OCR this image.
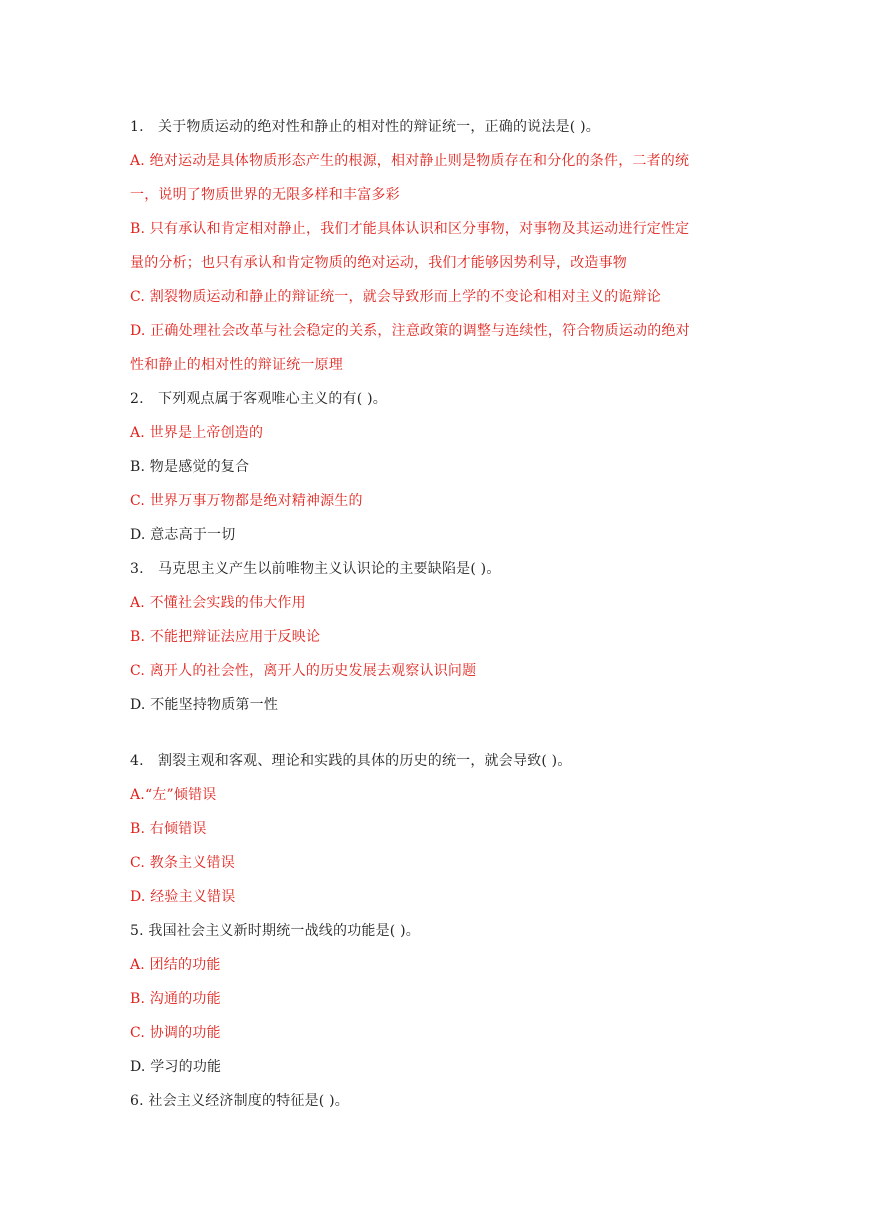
1.　关于物质运动的绝对性和静止的相对性的辩证统一，正确的说法是( )。
A. 绝对运动是具体物质形态产生的根源，相对静止则是物质存在和分化的条件，二者的统
一，说明了物质世界的无限多样和丰富多彩
B. 只有承认和肯定相对静止，我们才能具体认识和区分事物，对事物及其运动进行定性定
量的分析；也只有承认和肯定物质的绝对运动，我们才能够因势利导，改造事物
C. 割裂物质运动和静止的辩证统一，就会导致形而上学的不变论和相对主义的诡辩论
D. 正确处理社会改革与社会稳定的关系，注意政策的调整与连续性，符合物质运动的绝对
性和静止的相对性的辩证统一原理
2.　下列观点属于客观唯心主义的有( )。
A. 世界是上帝创造的
B. 物是感觉的复合
C. 世界万事万物都是绝对精神源生的
D. 意志高于一切
3.　马克思主义产生以前唯物主义认识论的主要缺陷是( )。
A. 不懂社会实践的伟大作用
B. 不能把辩证法应用于反映论
C. 离开人的社会性，离开人的历史发展去观察认识问题
D. 不能坚持物质第一性
4.　割裂主观和客观、理论和实践的具体的历史的统一，就会导致( )。
A.“左”倾错误
B. 右倾错误
C. 教条主义错误
D. 经验主义错误
5. 我国社会主义新时期统一战线的功能是( )。
A. 团结的功能
B. 沟通的功能
C. 协调的功能
D. 学习的功能
6. 社会主义经济制度的特征是( )。
